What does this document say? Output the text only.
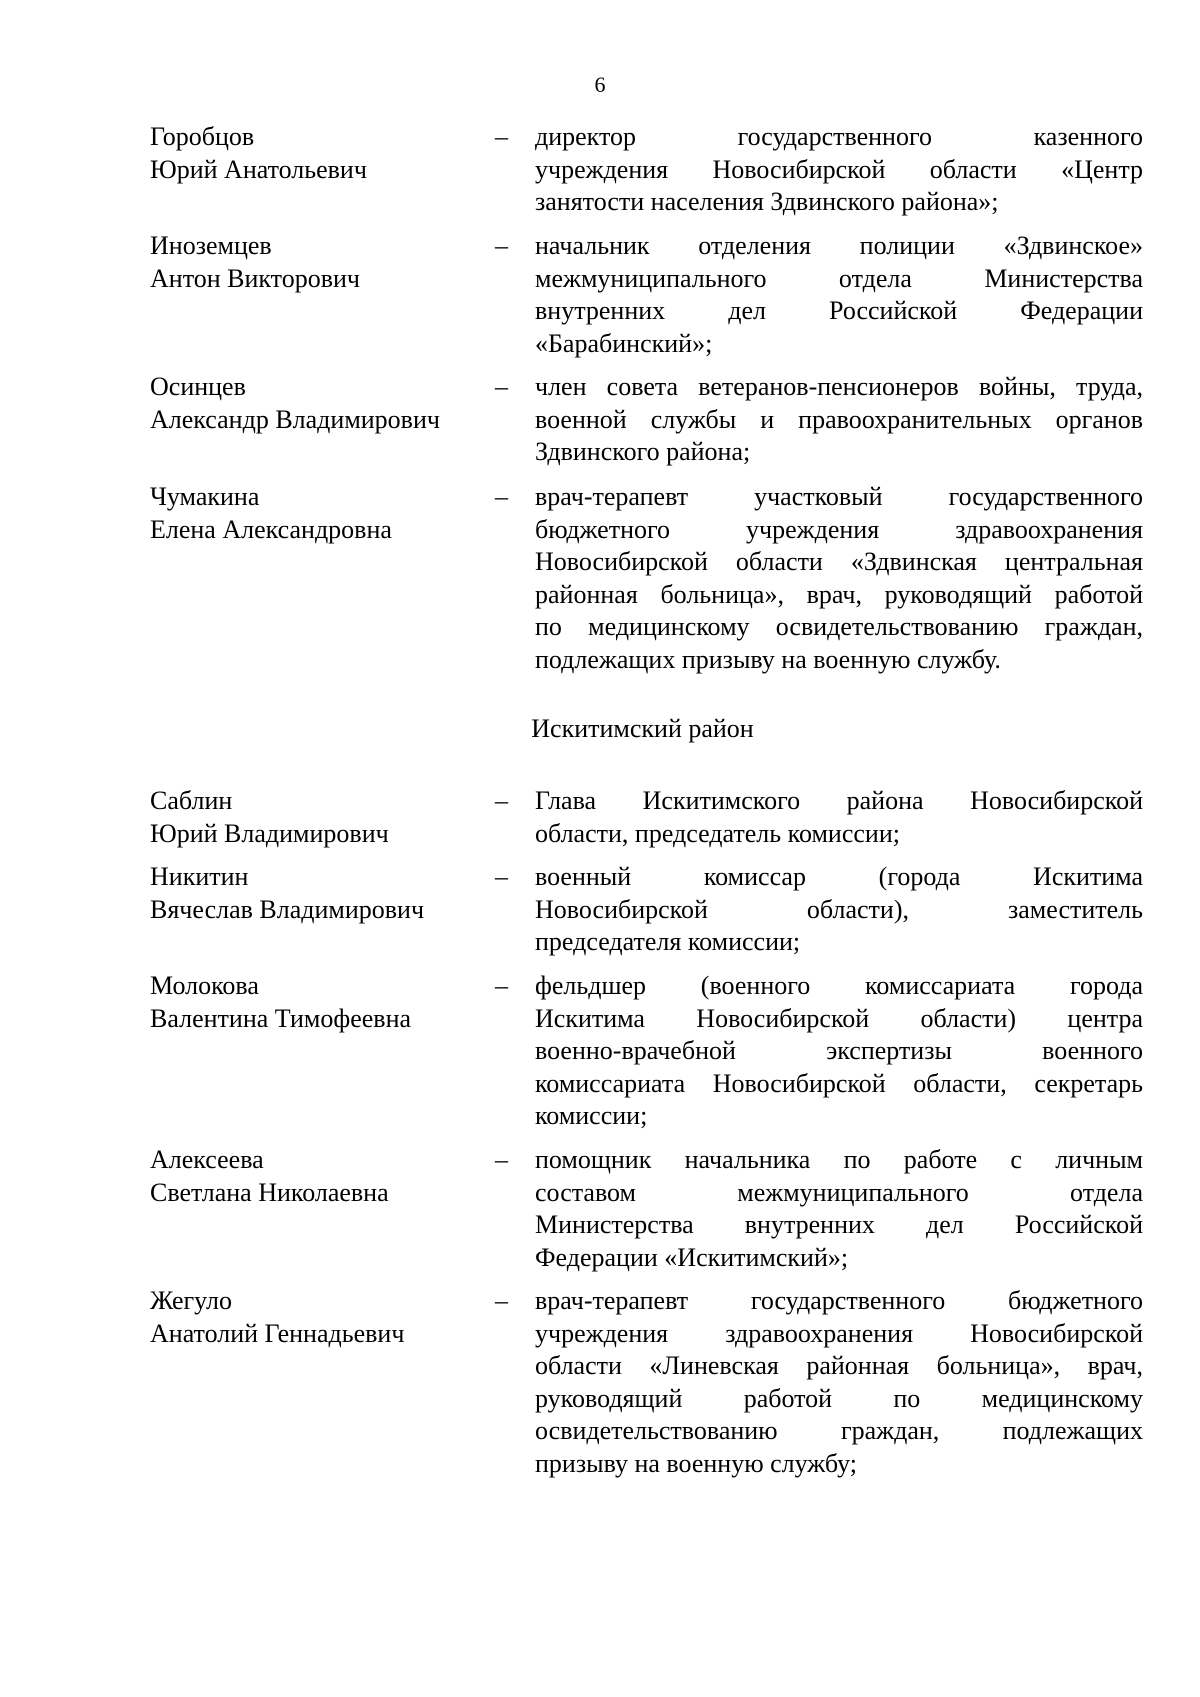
6
Горобцов
Юрий Анатольевич
– директор государственного казенного
учреждения Новосибирской области «Центр
занятости населения Здвинского района»;
Иноземцев
Антон Викторович
– начальник отделения полиции «Здвинское»
межмуниципального отдела Министерства
внутренних дел Российской Федерации
«Барабинский»;
Осинцев
Александр Владимирович
– член совета ветеранов-пенсионеров войны, труда,
военной службы и правоохранительных органов
Здвинского района;
Чумакина
Елена Александровна
– врач-терапевт участковый государственного
бюджетного учреждения здравоохранения
Новосибирской области «Здвинская центральная
районная больница», врач, руководящий работой
по медицинскому освидетельствованию граждан,
подлежащих призыву на военную службу.
Искитимский район
Саблин
Юрий Владимирович
– Глава Искитимского района Новосибирской
области, председатель комиссии;
Никитин
Вячеслав Владимирович
– военный комиссар (города Искитима
Новосибирской области), заместитель
председателя комиссии;
Молокова
Валентина Тимофеевна
– фельдшер (военного комиссариата города
Искитима Новосибирской области) центра
военно-врачебной экспертизы военного
комиссариата Новосибирской области, секретарь
комиссии;
Алексеева
Светлана Николаевна
– помощник начальника по работе с личным
составом межмуниципального отдела
Министерства внутренних дел Российской
Федерации «Искитимский»;
Жегуло
Анатолий Геннадьевич
– врач-терапевт государственного бюджетного
учреждения здравоохранения Новосибирской
области «Линевская районная больница», врач,
руководящий работой по медицинскому
освидетельствованию граждан, подлежащих
призыву на военную службу;
